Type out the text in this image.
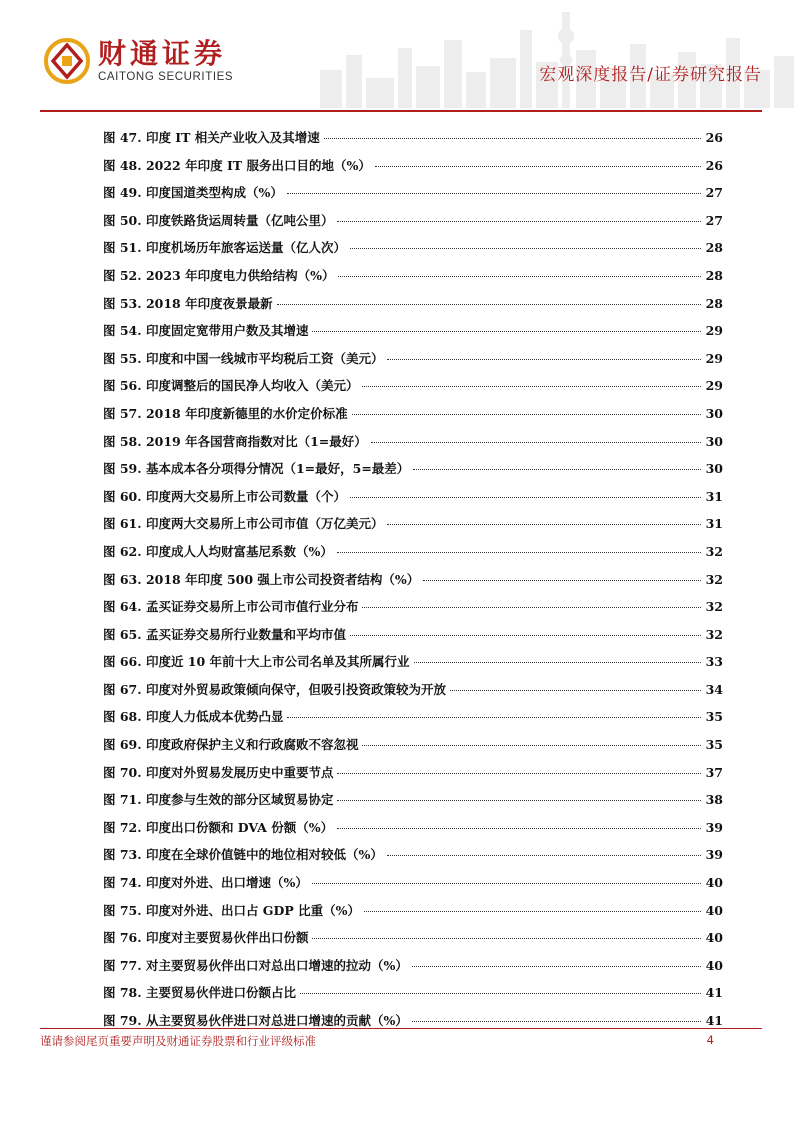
财通证券
CAITONG SECURITIES	宏观深度报告/证券研究报告
图 47. 印度 IT 相关产业收入及其增速	26
图 48. 2022 年印度 IT 服务出口目的地（%）	26
图 49. 印度国道类型构成（%）	27
图 50. 印度铁路货运周转量（亿吨公里）	27
图 51. 印度机场历年旅客运送量（亿人次）	28
图 52. 2023 年印度电力供给结构（%）	28
图 53. 2018 年印度夜景最新	28
图 54. 印度固定宽带用户数及其增速	29
图 55. 印度和中国一线城市平均税后工资（美元）	29
图 56. 印度调整后的国民净人均收入（美元）	29
图 57. 2018 年印度新德里的水价定价标准	30
图 58. 2019 年各国营商指数对比（1=最好）	30
图 59. 基本成本各分项得分情况（1=最好，5=最差）	30
图 60. 印度两大交易所上市公司数量（个）	31
图 61. 印度两大交易所上市公司市值（万亿美元）	31
图 62. 印度成人人均财富基尼系数（%）	32
图 63. 2018 年印度 500 强上市公司投资者结构（%）	32
图 64. 孟买证券交易所上市公司市值行业分布	32
图 65. 孟买证券交易所行业数量和平均市值	32
图 66. 印度近 10 年前十大上市公司名单及其所属行业	33
图 67. 印度对外贸易政策倾向保守，但吸引投资政策较为开放	34
图 68. 印度人力低成本优势凸显	35
图 69. 印度政府保护主义和行政腐败不容忽视	35
图 70. 印度对外贸易发展历史中重要节点	37
图 71. 印度参与生效的部分区域贸易协定	38
图 72. 印度出口份额和 DVA 份额（%）	39
图 73. 印度在全球价值链中的地位相对较低（%）	39
图 74. 印度对外进、出口增速（%）	40
图 75. 印度对外进、出口占 GDP 比重（%）	40
图 76. 印度对主要贸易伙伴出口份额	40
图 77. 对主要贸易伙伴出口对总出口增速的拉动（%）	40
图 78. 主要贸易伙伴进口份额占比	41
图 79. 从主要贸易伙伴进口对总进口增速的贡献（%）	41
谨请参阅尾页重要声明及财通证券股票和行业评级标准	4
